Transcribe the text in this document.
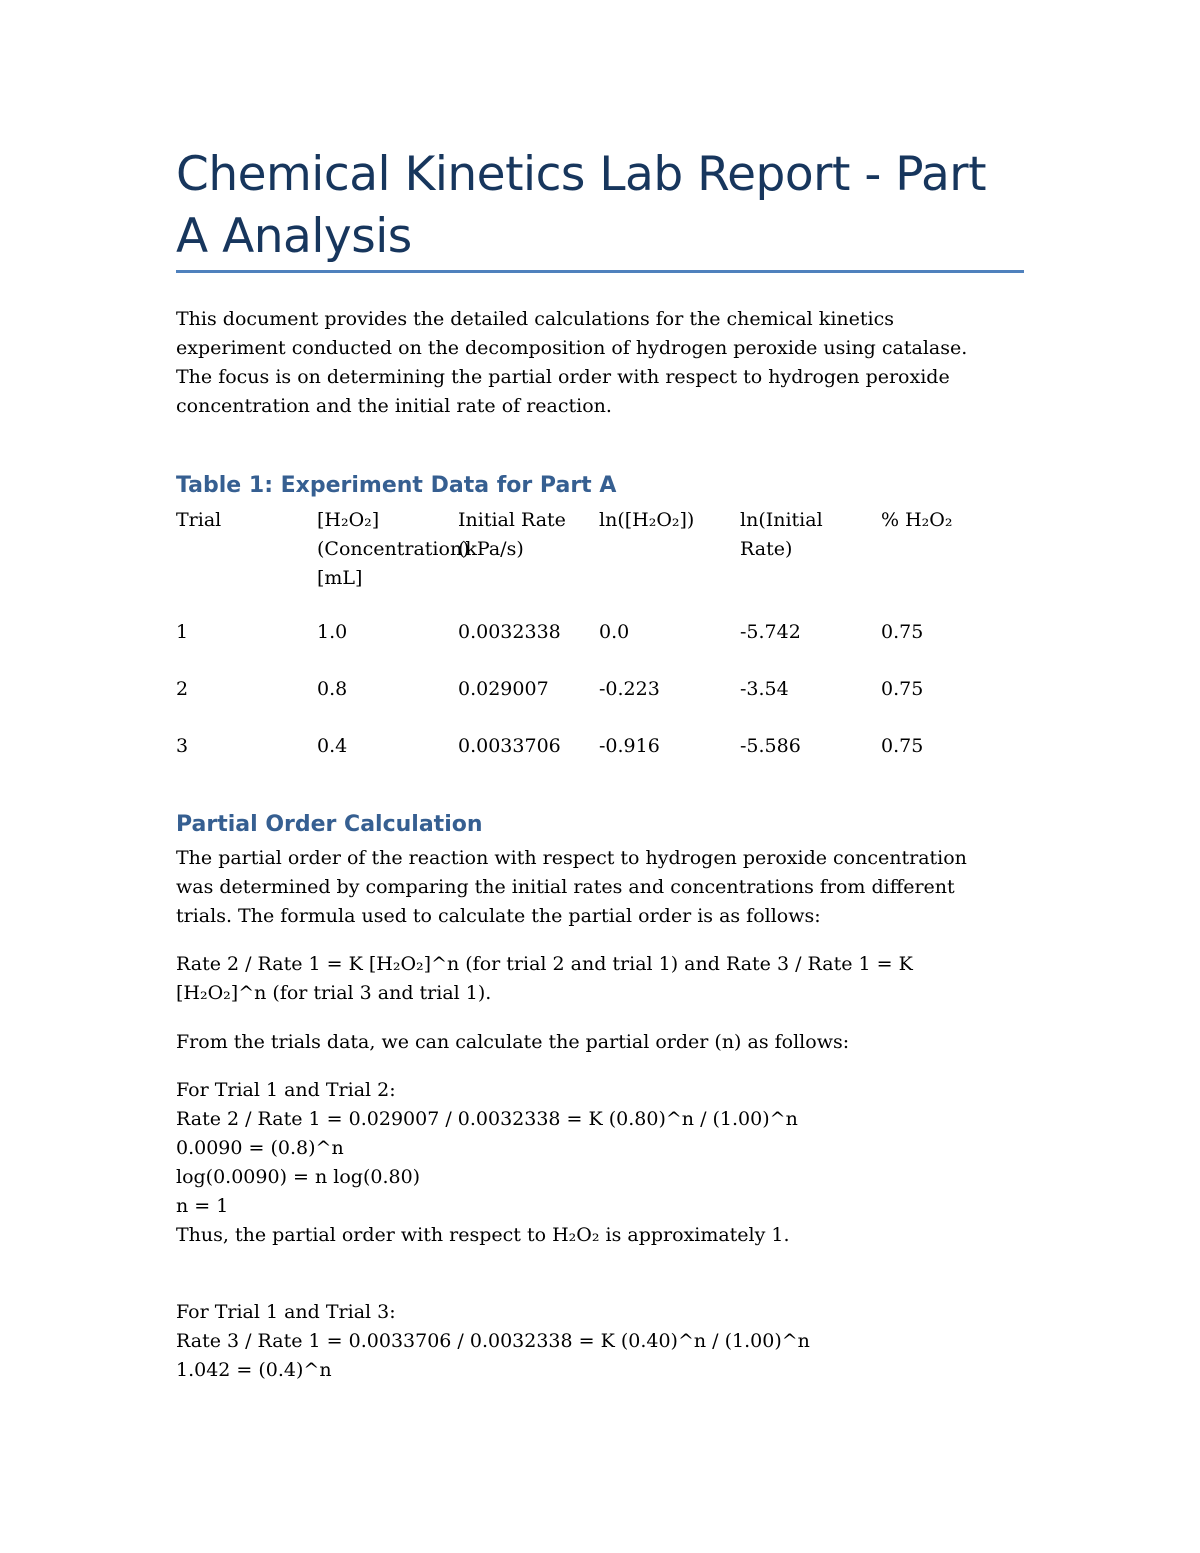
Chemical Kinetics Lab Report - Part A Analysis

This document provides the detailed calculations for the chemical kinetics experiment conducted on the decomposition of hydrogen peroxide using catalase. The focus is on determining the partial order with respect to hydrogen peroxide concentration and the initial rate of reaction.

Table 1: Experiment Data for Part A
Trial	[H₂O₂] (Concentration) [mL]	Initial Rate (kPa/s)	ln([H₂O₂])	ln(Initial Rate)	% H₂O₂
1	1.0	0.0032338	0.0	-5.742	0.75
2	0.8	0.029007	-0.223	-3.54	0.75
3	0.4	0.0033706	-0.916	-5.586	0.75
Partial Order Calculation

The partial order of the reaction with respect to hydrogen peroxide concentration was determined by comparing the initial rates and concentrations from different trials. The formula used to calculate the partial order is as follows:

Rate 2 / Rate 1 = K [H₂O₂]^n (for trial 2 and trial 1) and Rate 3 / Rate 1 = K [H₂O₂]^n (for trial 3 and trial 1).

From the trials data, we can calculate the partial order (n) as follows:

For Trial 1 and Trial 2:
Rate 2 / Rate 1 = 0.029007 / 0.0032338 = K (0.80)^n / (1.00)^n
0.0090 = (0.8)^n
log(0.0090) = n log(0.80)
n = 1
Thus, the partial order with respect to H₂O₂ is approximately 1.
For Trial 1 and Trial 3:
Rate 3 / Rate 1 = 0.0033706 / 0.0032338 = K (0.40)^n / (1.00)^n
1.042 = (0.4)^n
